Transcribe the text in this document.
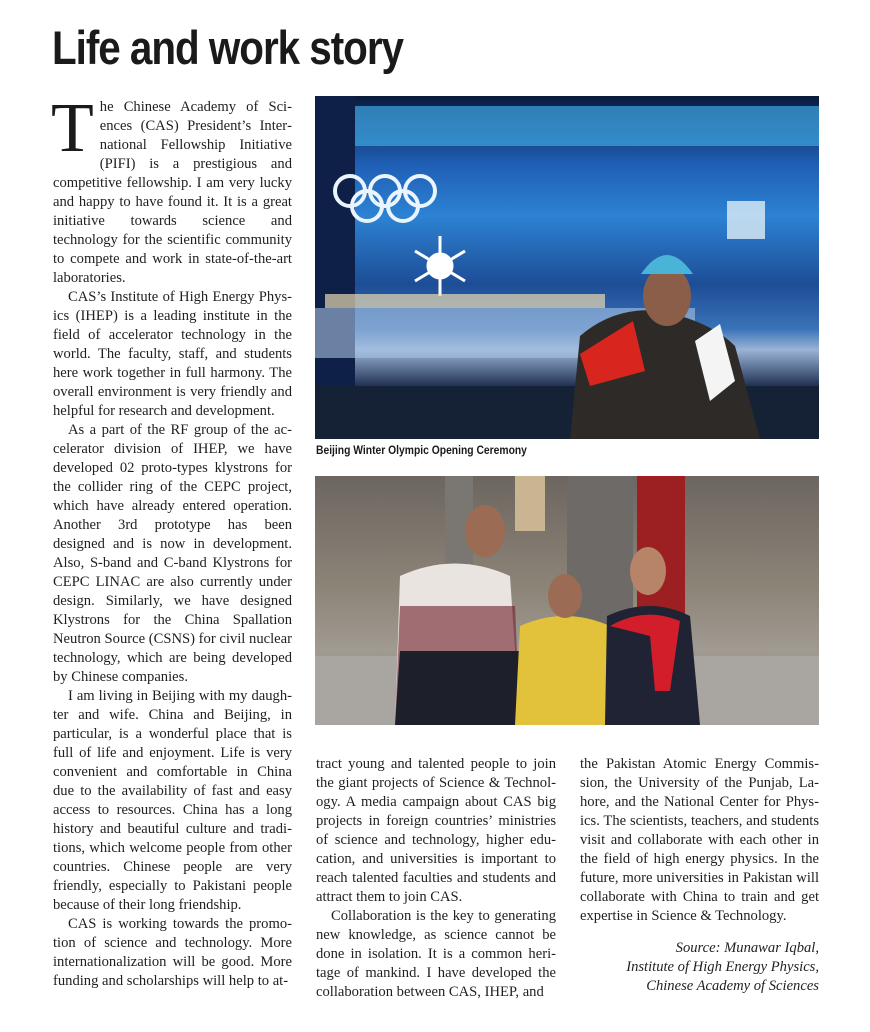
Life and work story

The Chinese Academy of Sciences (CAS) President’s International Fellowship Initiative (PIFI) is a prestigious and competitive fellowship. I am very lucky and happy to have found it. It is a great initiative towards science and technology for the scientific community to compete and work in state-of-the-art laboratories.

CAS’s Institute of High Energy Physics (IHEP) is a leading institute in the field of accelerator technology in the world. The faculty, staff, and students here work together in full harmony. The overall environment is very friendly and helpful for research and development.

As a part of the RF group of the accelerator division of IHEP, we have developed 02 proto-types klystrons for the collider ring of the CEPC project, which have already entered operation. Another 3rd prototype has been designed and is now in development. Also, S-band and C-band Klystrons for CEPC LINAC are also currently under design. Similarly, we have designed Klystrons for the China Spallation Neutron Source (CSNS) for civil nuclear technology, which are being developed by Chinese companies.

I am living in Beijing with my daughter and wife. China and Beijing, in particular, is a wonderful place that is full of life and enjoyment. Life is very convenient and comfortable in China due to the availability of fast and easy access to resources. China has a long history and beautiful culture and traditions, which welcome people from other countries. Chinese people are very friendly, especially to Pakistani people because of their long friendship.

CAS is working towards the promotion of science and technology. More internationalization will be good. More funding and scholarships will help to at-

Beijing Winter Olympic Opening Ceremony

tract young and talented people to join the giant projects of Science & Technology. A media campaign about CAS big projects in foreign countries’ ministries of science and technology, higher education, and universities is important to reach talented faculties and students and attract them to join CAS.

Collaboration is the key to generating new knowledge, as science cannot be done in isolation. It is a common heritage of mankind. I have developed the collaboration between CAS, IHEP, and

the Pakistan Atomic Energy Commission, the University of the Punjab, Lahore, and the National Center for Physics. The scientists, teachers, and students visit and collaborate with each other in the field of high energy physics. In the future, more universities in Pakistan will collaborate with China to train and get expertise in Science & Technology.

Source: Munawar Iqbal,
Institute of High Energy Physics,
Chinese Academy of Sciences
